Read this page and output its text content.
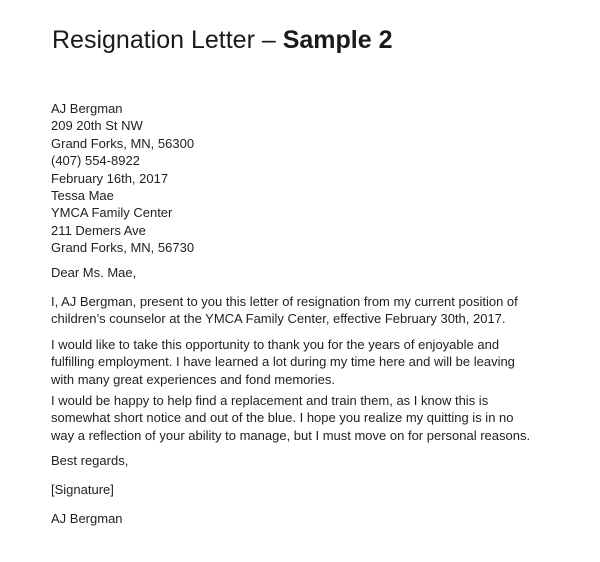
Resignation Letter – Sample 2
AJ Bergman
209 20th St NW
Grand Forks, MN, 56300
(407) 554-8922
February 16th, 2017
Tessa Mae
YMCA Family Center
211 Demers Ave
Grand Forks, MN, 56730
Dear Ms. Mae,
I, AJ Bergman, present to you this letter of resignation from my current position of
children’s counselor at the YMCA Family Center, effective February 30th, 2017.
I would like to take this opportunity to thank you for the years of enjoyable and
fulfilling employment. I have learned a lot during my time here and will be leaving
with many great experiences and fond memories.
I would be happy to help find a replacement and train them, as I know this is
somewhat short notice and out of the blue. I hope you realize my quitting is in no
way a reflection of your ability to manage, but I must move on for personal reasons.
Best regards,
[Signature]
AJ Bergman
